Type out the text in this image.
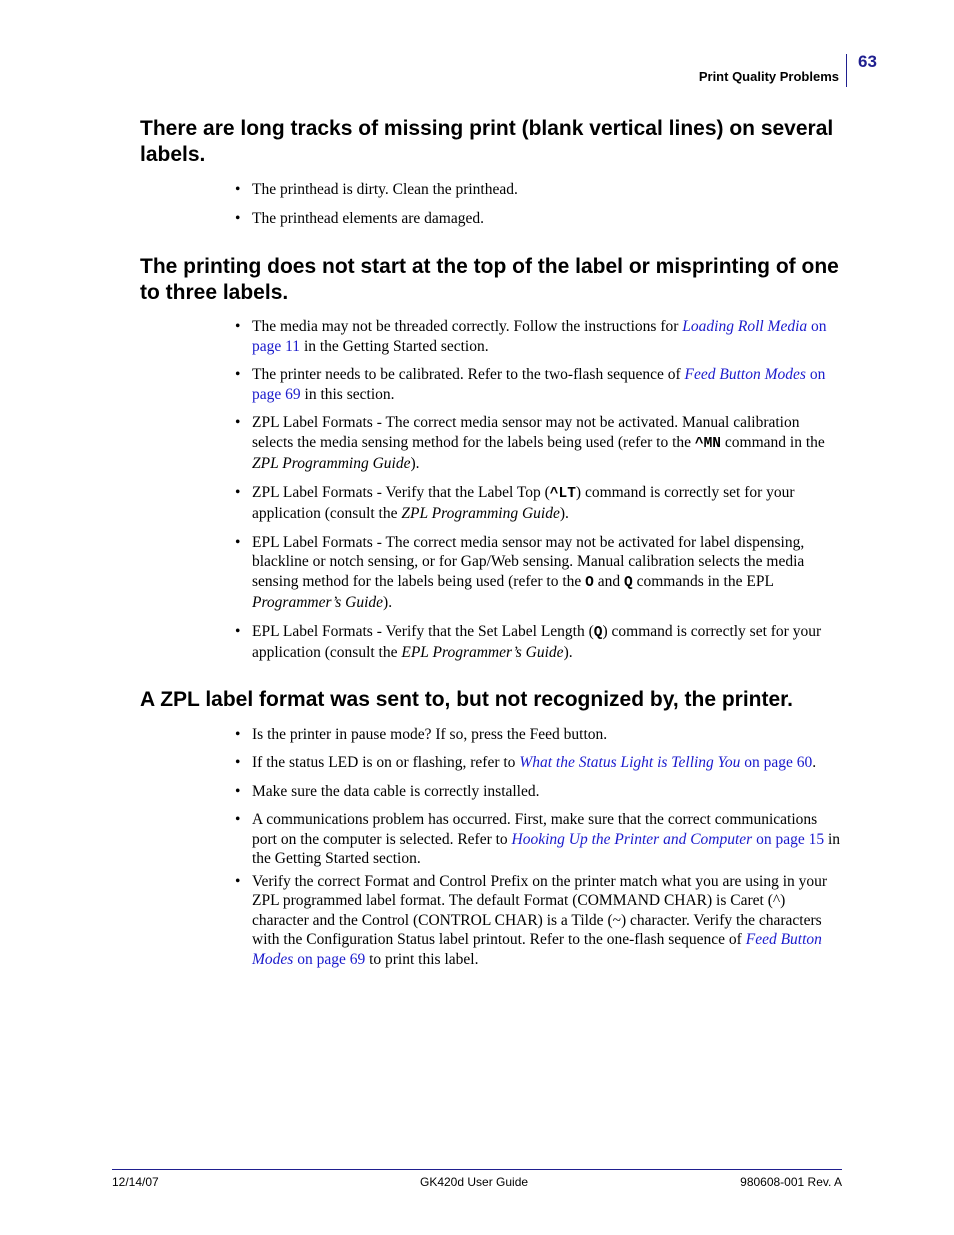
63
Print Quality Problems
There are long tracks of missing print (blank vertical lines) on several labels.
• The printhead is dirty. Clean the printhead.
• The printhead elements are damaged.
The printing does not start at the top of the label or misprinting of one to three labels.
• The media may not be threaded correctly. Follow the instructions for Loading Roll Media on page 11 in the Getting Started section.
• The printer needs to be calibrated. Refer to the two-flash sequence of Feed Button Modes on page 69 in this section.
• ZPL Label Formats - The correct media sensor may not be activated. Manual calibration selects the media sensing method for the labels being used (refer to the ^MN command in the ZPL Programming Guide).
• ZPL Label Formats - Verify that the Label Top (^LT) command is correctly set for your application (consult the ZPL Programming Guide).
• EPL Label Formats - The correct media sensor may not be activated for label dispensing, blackline or notch sensing, or for Gap/Web sensing. Manual calibration selects the media sensing method for the labels being used (refer to the O and Q commands in the EPL Programmer’s Guide).
• EPL Label Formats - Verify that the Set Label Length (Q) command is correctly set for your application (consult the EPL Programmer’s Guide).
A ZPL label format was sent to, but not recognized by, the printer.
• Is the printer in pause mode? If so, press the Feed button.
• If the status LED is on or flashing, refer to What the Status Light is Telling You on page 60.
• Make sure the data cable is correctly installed.
• A communications problem has occurred. First, make sure that the correct communications port on the computer is selected. Refer to Hooking Up the Printer and Computer on page 15 in the Getting Started section.
• Verify the correct Format and Control Prefix on the printer match what you are using in your ZPL programmed label format. The default Format (COMMAND CHAR) is Caret (^) character and the Control (CONTROL CHAR) is a Tilde (~) character. Verify the characters with the Configuration Status label printout. Refer to the one-flash sequence of Feed Button Modes on page 69 to print this label.
12/14/07	GK420d User Guide	980608-001 Rev. A
